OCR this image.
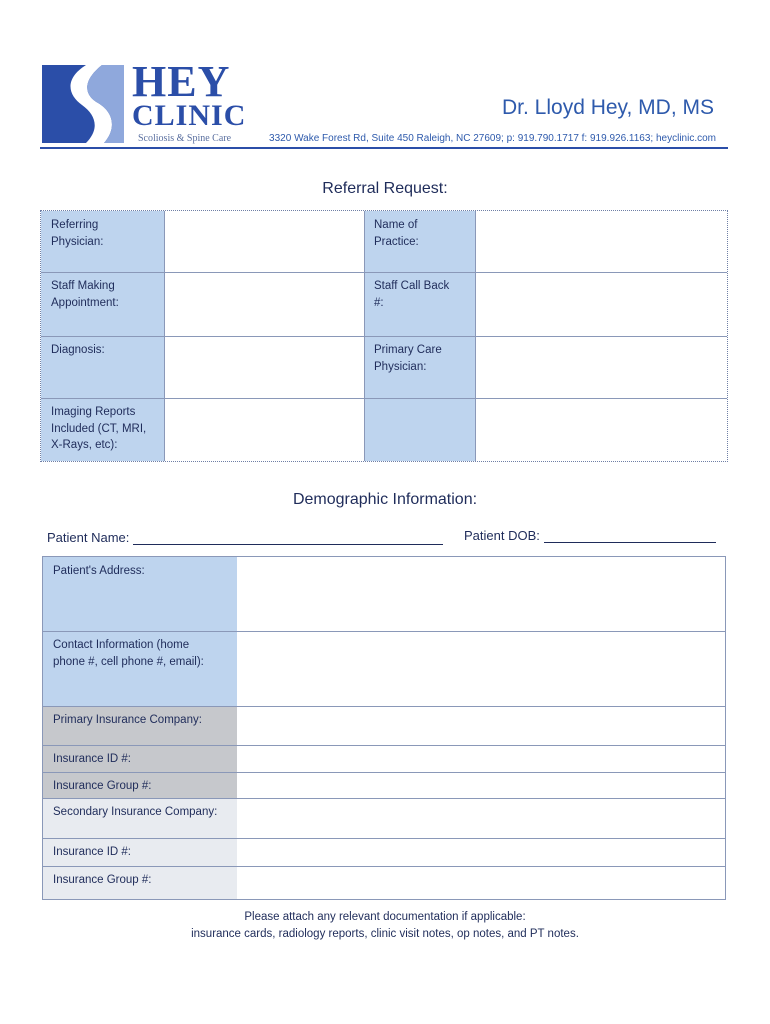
HEY
CLINIC
Scoliosis & Spine Care
Dr. Lloyd Hey, MD, MS
3320 Wake Forest Rd, Suite 450 Raleigh, NC 27609; p: 919.790.1717 f: 919.926.1163; heyclinic.com
Referral Request:
Referring
Physician:
Name of
Practice:
Staff Making
Appointment:
Staff Call Back
#:
Diagnosis:	Primary Care
Physician:
Imaging Reports
Included (CT, MRI,
X-Rays, etc):
Demographic Information:
Patient Name:	Patient DOB:
Patient's Address:
Contact Information (home
phone #, cell phone #, email):
Primary Insurance Company:
Insurance ID #:
Insurance Group #:
Secondary Insurance Company:
Insurance ID #:
Insurance Group #:
Please attach any relevant documentation if applicable:
insurance cards, radiology reports, clinic visit notes, op notes, and PT notes.
